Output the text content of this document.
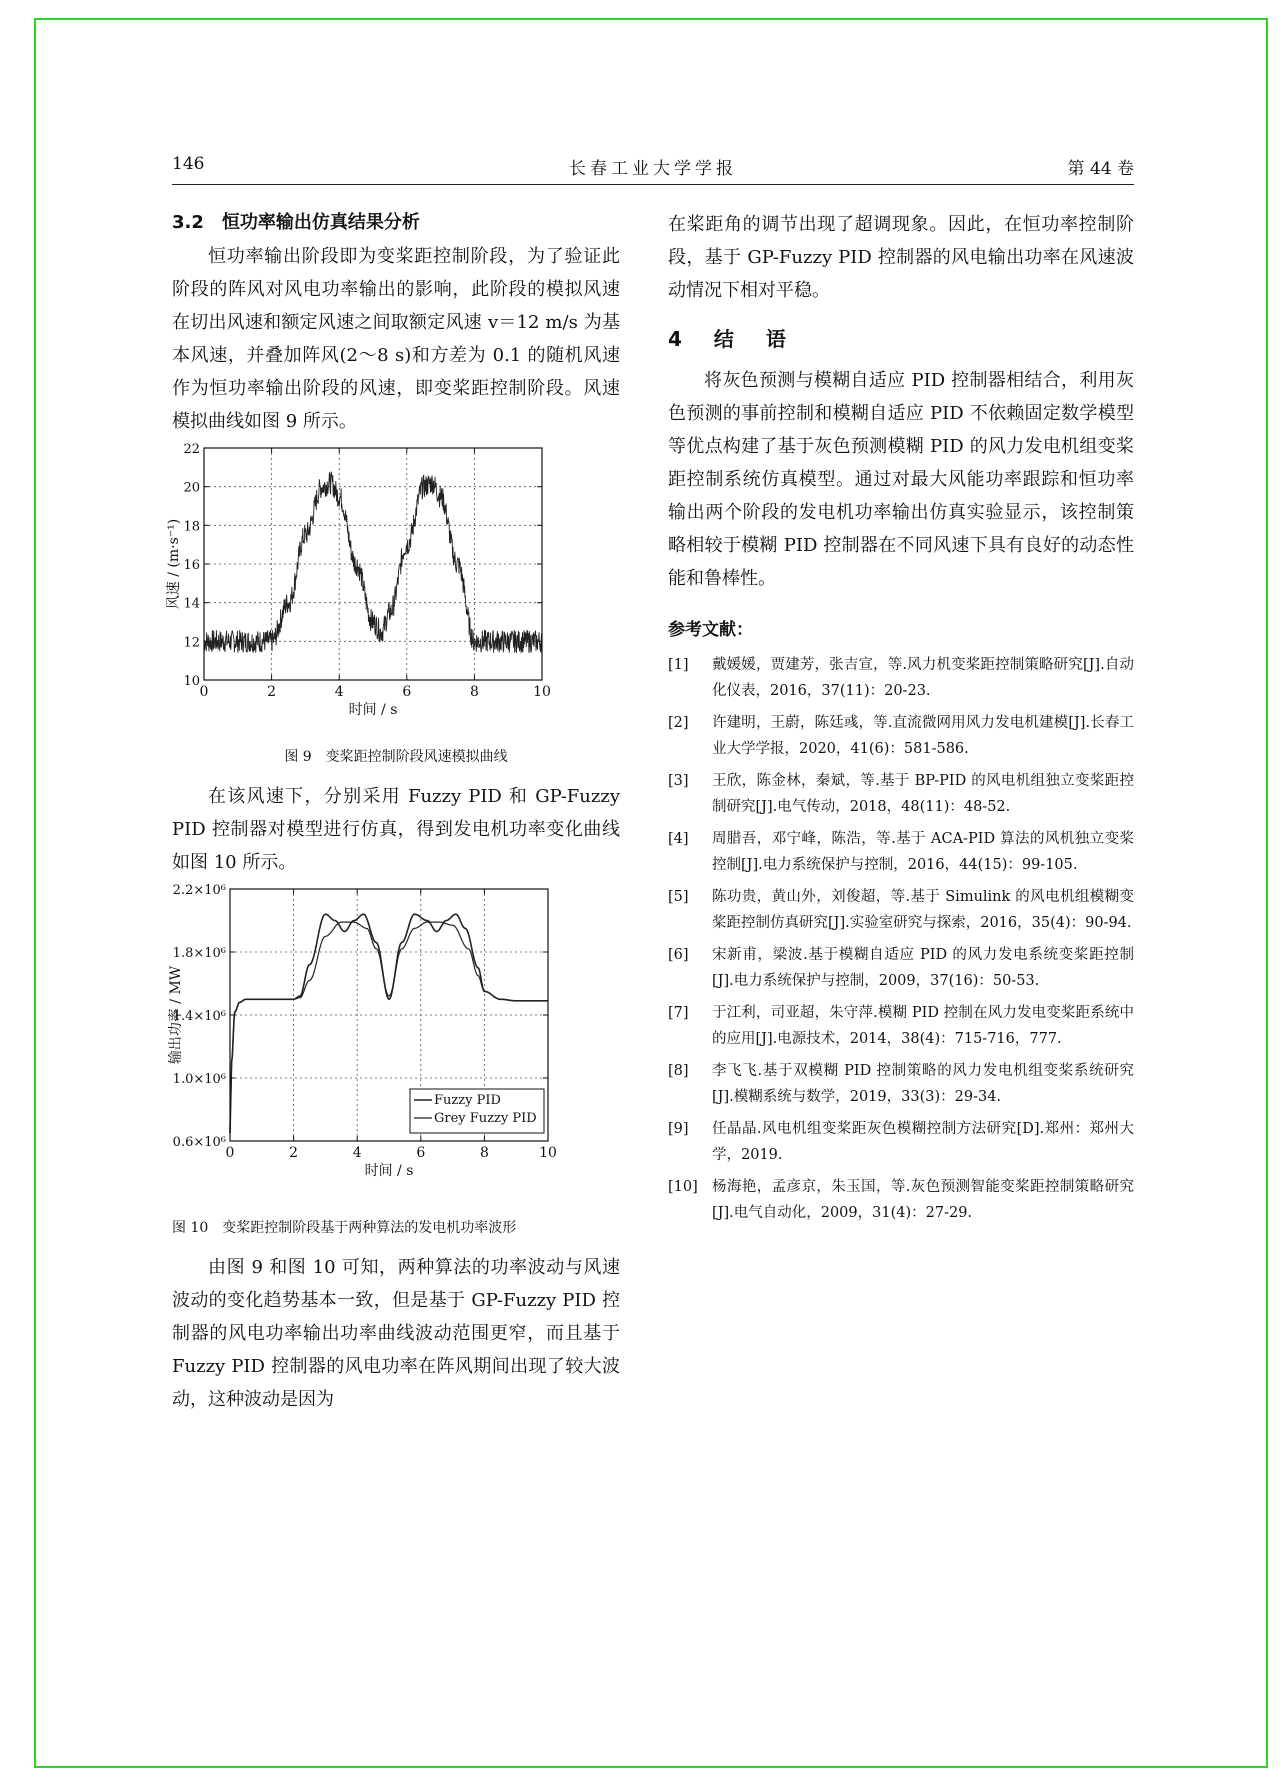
146	长春工业大学学报	第 44 卷
3.2　恒功率输出仿真结果分析

恒功率输出阶段即为变桨距控制阶段，为了验证此阶段的阵风对风电功率输出的影响，此阶段的模拟风速在切出风速和额定风速之间取额定风速 v＝12 m/s 为基本风速，并叠加阵风(2～8 s)和方差为 0.1 的随机风速作为恒功率输出阶段的风速，即变桨距控制阶段。风速模拟曲线如图 9 所示。

0	2	4	6	8	10
10
12
14
16
18
20
22
时间 / s
风速 / (m·s⁻¹)
图 9　变桨距控制阶段风速模拟曲线

在该风速下，分别采用 Fuzzy PID 和 GP-Fuzzy PID 控制器对模型进行仿真，得到发电机功率变化曲线如图 10 所示。

0	2	4	6	8	10
0.6×10⁶
1.0×10⁶
1.4×10⁶
1.8×10⁶
2.2×10⁶
时间 / s
输出功率 / MW
Fuzzy PID
Grey Fuzzy PID
图 10　变桨距控制阶段基于两种算法的发电机功率波形

由图 9 和图 10 可知，两种算法的功率波动与风速波动的变化趋势基本一致，但是基于 GP-Fuzzy PID 控制器的风电功率输出功率曲线波动范围更窄，而且基于 Fuzzy PID 控制器的风电功率在阵风期间出现了较大波动，这种波动是因为

在桨距角的调节出现了超调现象。因此，在恒功率控制阶段，基于 GP-Fuzzy PID 控制器的风电输出功率在风速波动情况下相对平稳。

4　结　语

将灰色预测与模糊自适应 PID 控制器相结合，利用灰色预测的事前控制和模糊自适应 PID 不依赖固定数学模型等优点构建了基于灰色预测模糊 PID 的风力发电机组变桨距控制系统仿真模型。通过对最大风能功率跟踪和恒功率输出两个阶段的发电机功率输出仿真实验显示，该控制策略相较于模糊 PID 控制器在不同风速下具有良好的动态性能和鲁棒性。

参考文献：
[1]	戴媛媛，贾建芳，张吉宣，等.风力机变桨距控制策略研究[J].自动化仪表，2016，37(11)：20-23.
[2]	许建明，王蔚，陈廷彧，等.直流微网用风力发电机建模[J].长春工业大学学报，2020，41(6)：581-586.
[3]	王欣，陈金林，秦斌，等.基于 BP-PID 的风电机组独立变桨距控制研究[J].电气传动，2018，48(11)：48-52.
[4]	周腊吾，邓宁峰，陈浩，等.基于 ACA-PID 算法的风机独立变桨控制[J].电力系统保护与控制，2016，44(15)：99-105.
[5]	陈功贵，黄山外，刘俊超，等.基于 Simulink 的风电机组模糊变桨距控制仿真研究[J].实验室研究与探索，2016，35(4)：90-94.
[6]	宋新甫，梁波.基于模糊自适应 PID 的风力发电系统变桨距控制[J].电力系统保护与控制，2009，37(16)：50-53.
[7]	于江利，司亚超，朱守萍.模糊 PID 控制在风力发电变桨距系统中的应用[J].电源技术，2014，38(4)：715-716，777.
[8]	李飞飞.基于双模糊 PID 控制策略的风力发电机组变桨系统研究[J].模糊系统与数学，2019，33(3)：29-34.
[9]	任晶晶.风电机组变桨距灰色模糊控制方法研究[D].郑州：郑州大学，2019.
[10] 杨海艳，孟彦京，朱玉国，等.灰色预测智能变桨距控制策略研究[J].电气自动化，2009，31(4)：27-29.
